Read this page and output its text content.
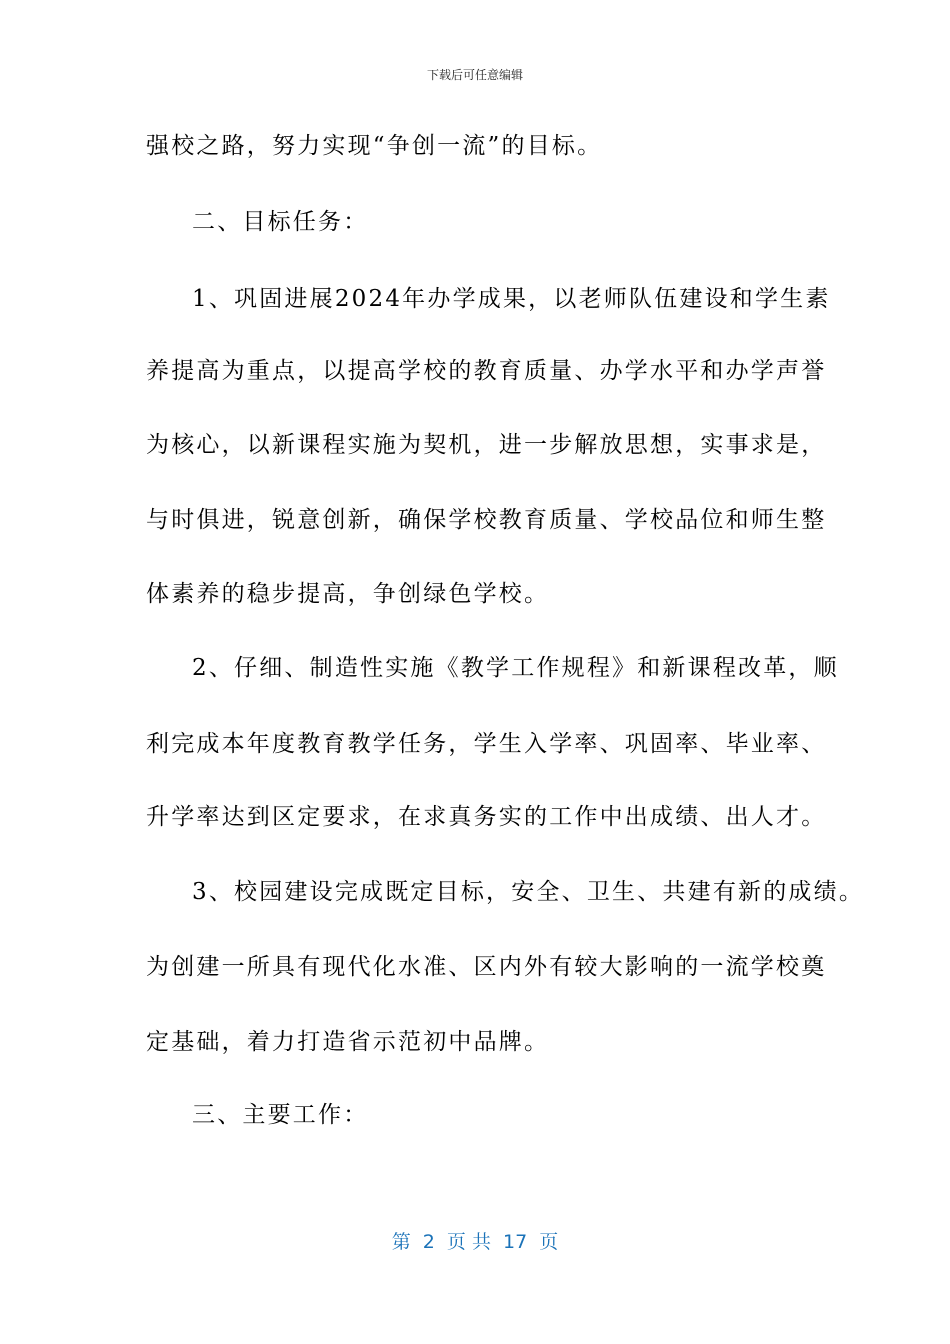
下载后可任意编辑
强校之路，努力实现“争创一流”的目标。
二、目标任务：
1、巩固进展2024年办学成果，以老师队伍建设和学生素
养提高为重点，以提高学校的教育质量、办学水平和办学声誉
为核心，以新课程实施为契机，进一步解放思想，实事求是，
与时俱进，锐意创新，确保学校教育质量、学校品位和师生整
体素养的稳步提高，争创绿色学校。
2、仔细、制造性实施《教学工作规程》和新课程改革，顺
利完成本年度教育教学任务，学生入学率、巩固率、毕业率、
升学率达到区定要求，在求真务实的工作中出成绩、出人才。
3、校园建设完成既定目标，安全、卫生、共建有新的成绩。
为创建一所具有现代化水准、区内外有较大影响的一流学校奠
定基础，着力打造省示范初中品牌。
三、主要工作：
第  2  页 共  17  页
